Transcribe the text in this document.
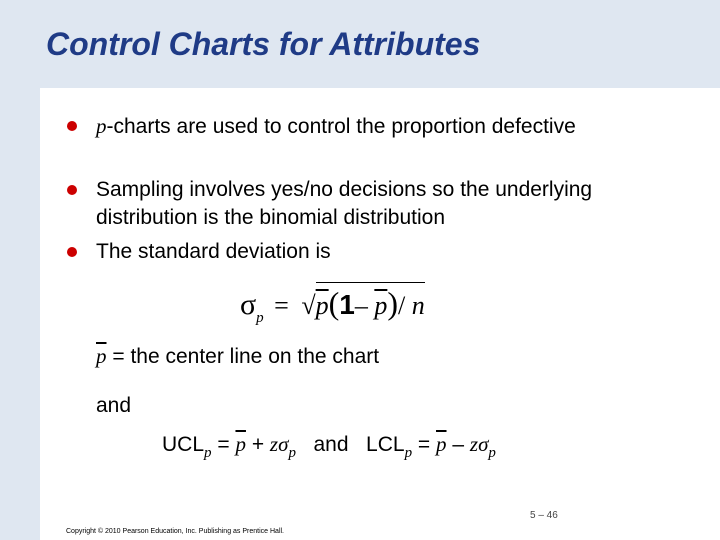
Control Charts for Attributes
p-charts are used to control the proportion defective
Sampling involves yes/no decisions so the underlying distribution is the binomial distribution
The standard deviation is
$\sigma_p = √p(1-$ $\overline{p})/$ n
$\overline{p}$ = the center line on the chart
and
$UCL_p = \overline{p} + z\sigma_p$ and $LCL_p = \overline{p} - z\sigma_p$
5 – 46
Copyright © 2010 Pearson Education, Inc. Publishing as Prentice Hall.
